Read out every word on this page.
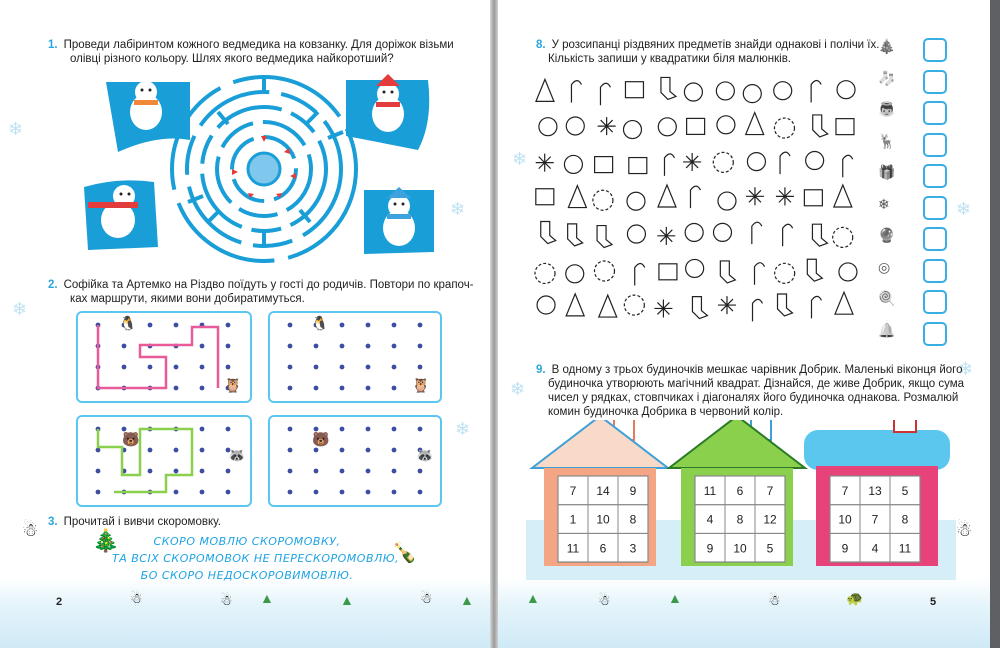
❄
❄
❄
❄
1. Проведи лабіринтом кожного ведмедика на ковзанку. Для доріжок візьми
олівці різного кольору. Шлях якого ведмедика найкоротший?
2. Софійка та Артемко на Різдво поїдуть у гості до родичів. Повтори по крапоч-
ках маршрути, якими вони добиратимуться.
🐧
🦉
🐧
🦉
🐻
🦝
🐻
🦝
3. Прочитай і вивчи скоромовку.
СКОРО МОВЛЮ СКОРОМОВКУ,
ТА ВСІХ СКОРОМОВОК НЕ ПЕРЕСКОРОМОВЛЮ,
БО СКОРО НЕДОСКОРОВИМОВЛЮ.
🎄	🍾
☃
☃	☃ ▲	▲	☃ ▲
2
❄
❄
❄
❄
8. У розсипанці різдвяних предметів знайди однакові і полічи їх.
Кількість запиши у квадратики біля малюнків.
🎄
🧦
👼
🦌
🎁
❄
🔮
◎
🍭
🔔
9. В одному з трьох будиночків мешкає чарівник Добрик. Маленькі віконця його
будиночка утворюють магічний квадрат. Дізнайся, де живе Добрик, якщо сума
чисел у рядках, стовпчиках і діагоналях його будиночка однакова. Розмалюй
комин будиночка Добрика в червоний колір.
7 14 9
1 10 8
11 6 3
11 6 7
4 8 12
9 10 5
7 13 5
10 7 8
9 4 11
▲	☃	▲	☃	🐢
☃
5
